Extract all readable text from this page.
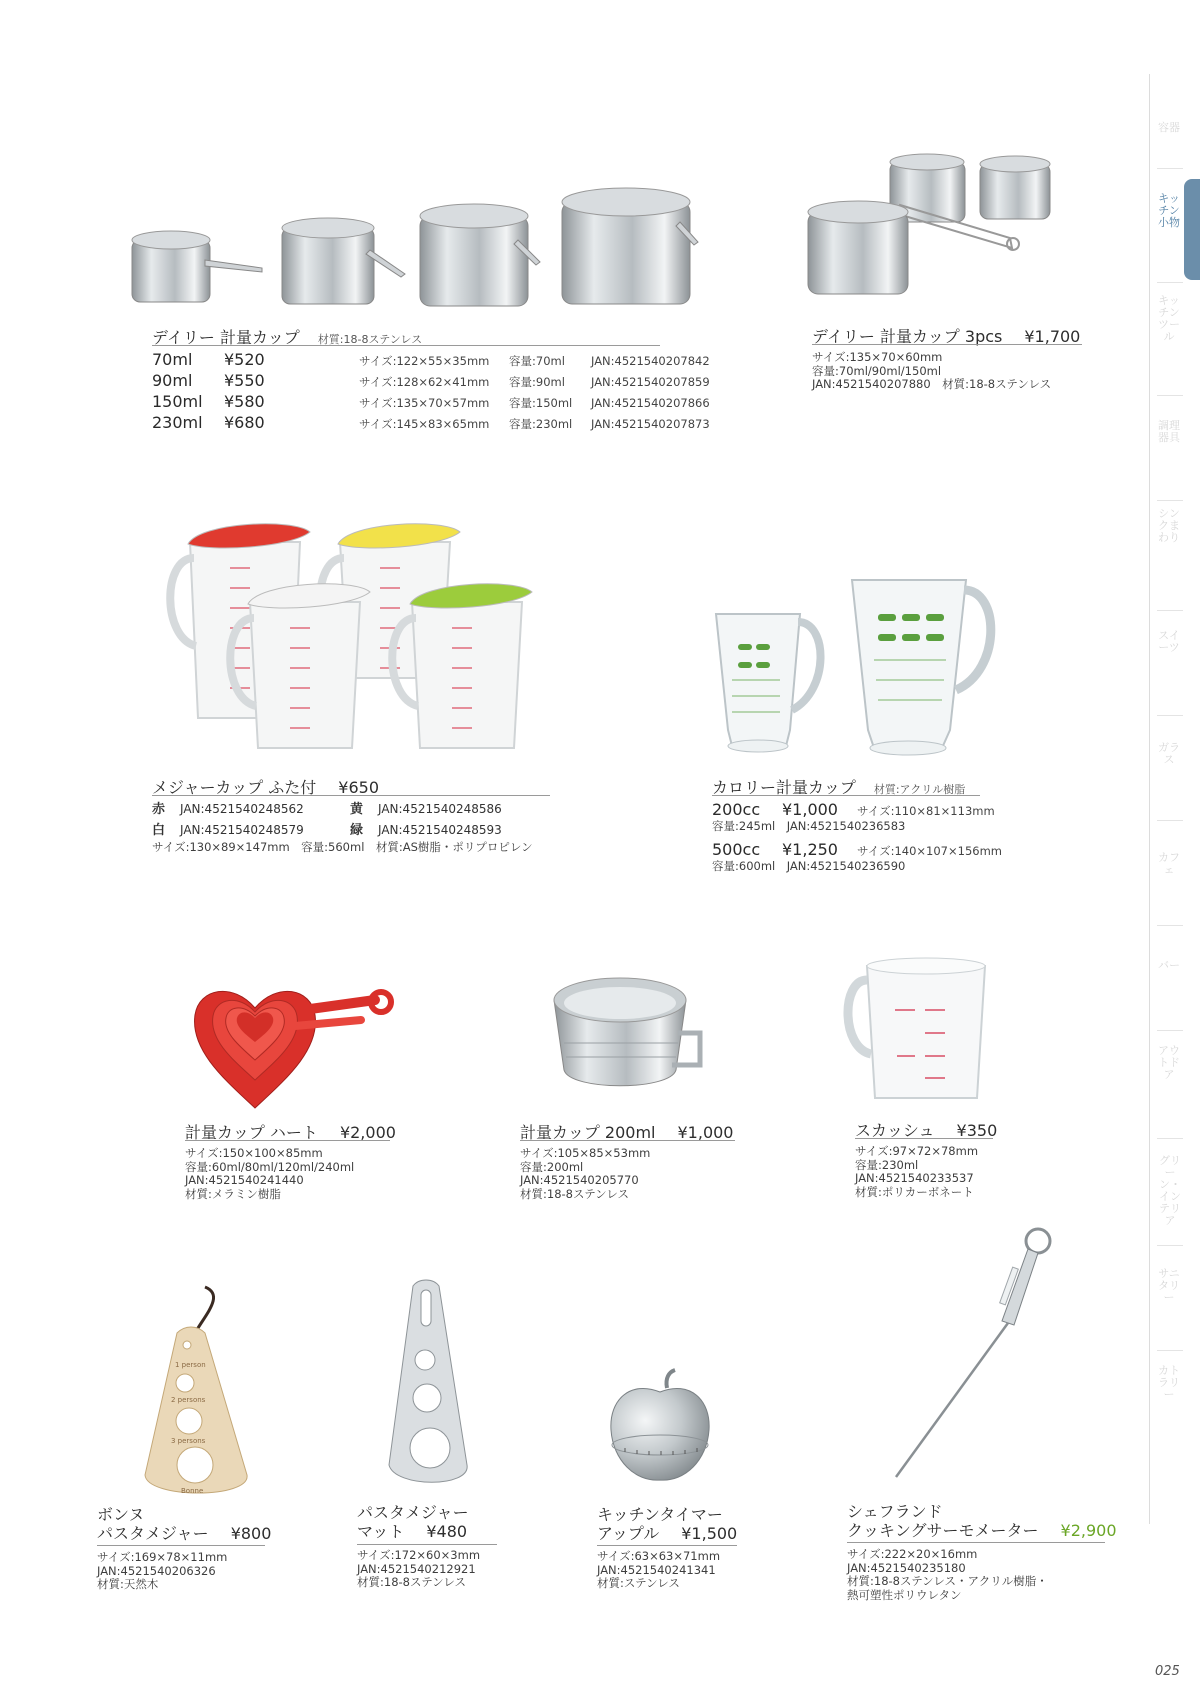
容器
キッチン小物
キッチンツール
調理器具
シンクまわり
スイーツ
ガラス
カフェ
バー
アウトドア
グリーン・インテリア
サニタリー
カトラリー
025
デイリー 計量カップ 材質:18-8ステンレス
70ml ¥520	サイズ:122×55×35mm 容量:70ml JAN:4521540207842
90ml ¥550	サイズ:128×62×41mm 容量:90ml JAN:4521540207859
150ml ¥580	サイズ:135×70×57mm 容量:150ml JAN:4521540207866
230ml ¥680	サイズ:145×83×65mm 容量:230ml JAN:4521540207873
デイリー 計量カップ 3pcs ¥1,700
サイズ:135×70×60mm
容量:70ml/90ml/150ml
JAN:4521540207880　材質:18-8ステンレス
メジャーカップ ふた付 ¥650
赤 JAN:4521540248562	黄 JAN:4521540248586
白 JAN:4521540248579	緑 JAN:4521540248593
サイズ:130×89×147mm　容量:560ml　材質:AS樹脂・ポリプロピレン
カロリー計量カップ 材質:アクリル樹脂
200cc ¥1,000 サイズ:110×81×113mm
容量:245ml　JAN:4521540236583
500cc ¥1,250 サイズ:140×107×156mm
容量:600ml　JAN:4521540236590
計量カップ ハート ¥2,000
サイズ:150×100×85mm
容量:60ml/80ml/120ml/240ml
JAN:4521540241440
材質:メラミン樹脂
計量カップ 200ml ¥1,000
サイズ:105×85×53mm
容量:200ml
JAN:4521540205770
材質:18-8ステンレス
スカッシュ ¥350
サイズ:97×72×78mm
容量:230ml
JAN:4521540233537
材質:ポリカーボネート
1 person
2 persons
3 persons
Bonne
ボンヌ
パスタメジャー ¥800
サイズ:169×78×11mm
JAN:4521540206326
材質:天然木
パスタメジャー
マット ¥480
サイズ:172×60×3mm
JAN:4521540212921
材質:18-8ステンレス
キッチンタイマー
アップル ¥1,500
サイズ:63×63×71mm
JAN:4521540241341
材質:ステンレス
シェフランド
クッキングサーモメーター ¥2,900
サイズ:222×20×16mm
JAN:4521540235180
材質:18-8ステンレス・アクリル樹脂・
熱可塑性ポリウレタン
